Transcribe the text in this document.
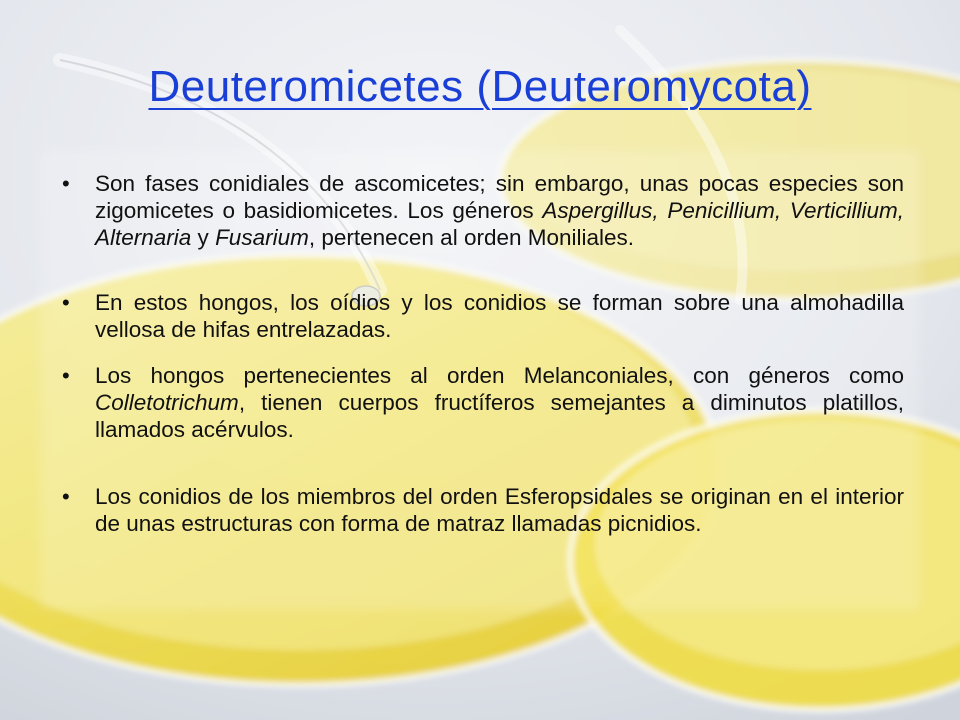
Deuteromicetes (Deuteromycota)
• Son fases conidiales de ascomicetes; sin embargo, unas pocas especies son zigomicetes o basidiomicetes. Los géneros Aspergillus, Penicillium, Verticillium, Alternaria y Fusarium, pertenecen al orden Moniliales.
• En estos hongos, los oídios y los conidios se forman sobre una almohadilla vellosa de hifas entrelazadas.
• Los hongos pertenecientes al orden Melanconiales, con géneros como Colletotrichum, tienen cuerpos fructíferos semejantes a diminutos platillos, llamados acérvulos.
• Los conidios de los miembros del orden Esferopsidales se originan en el interior de unas estructuras con forma de matraz llamadas picnidios.
